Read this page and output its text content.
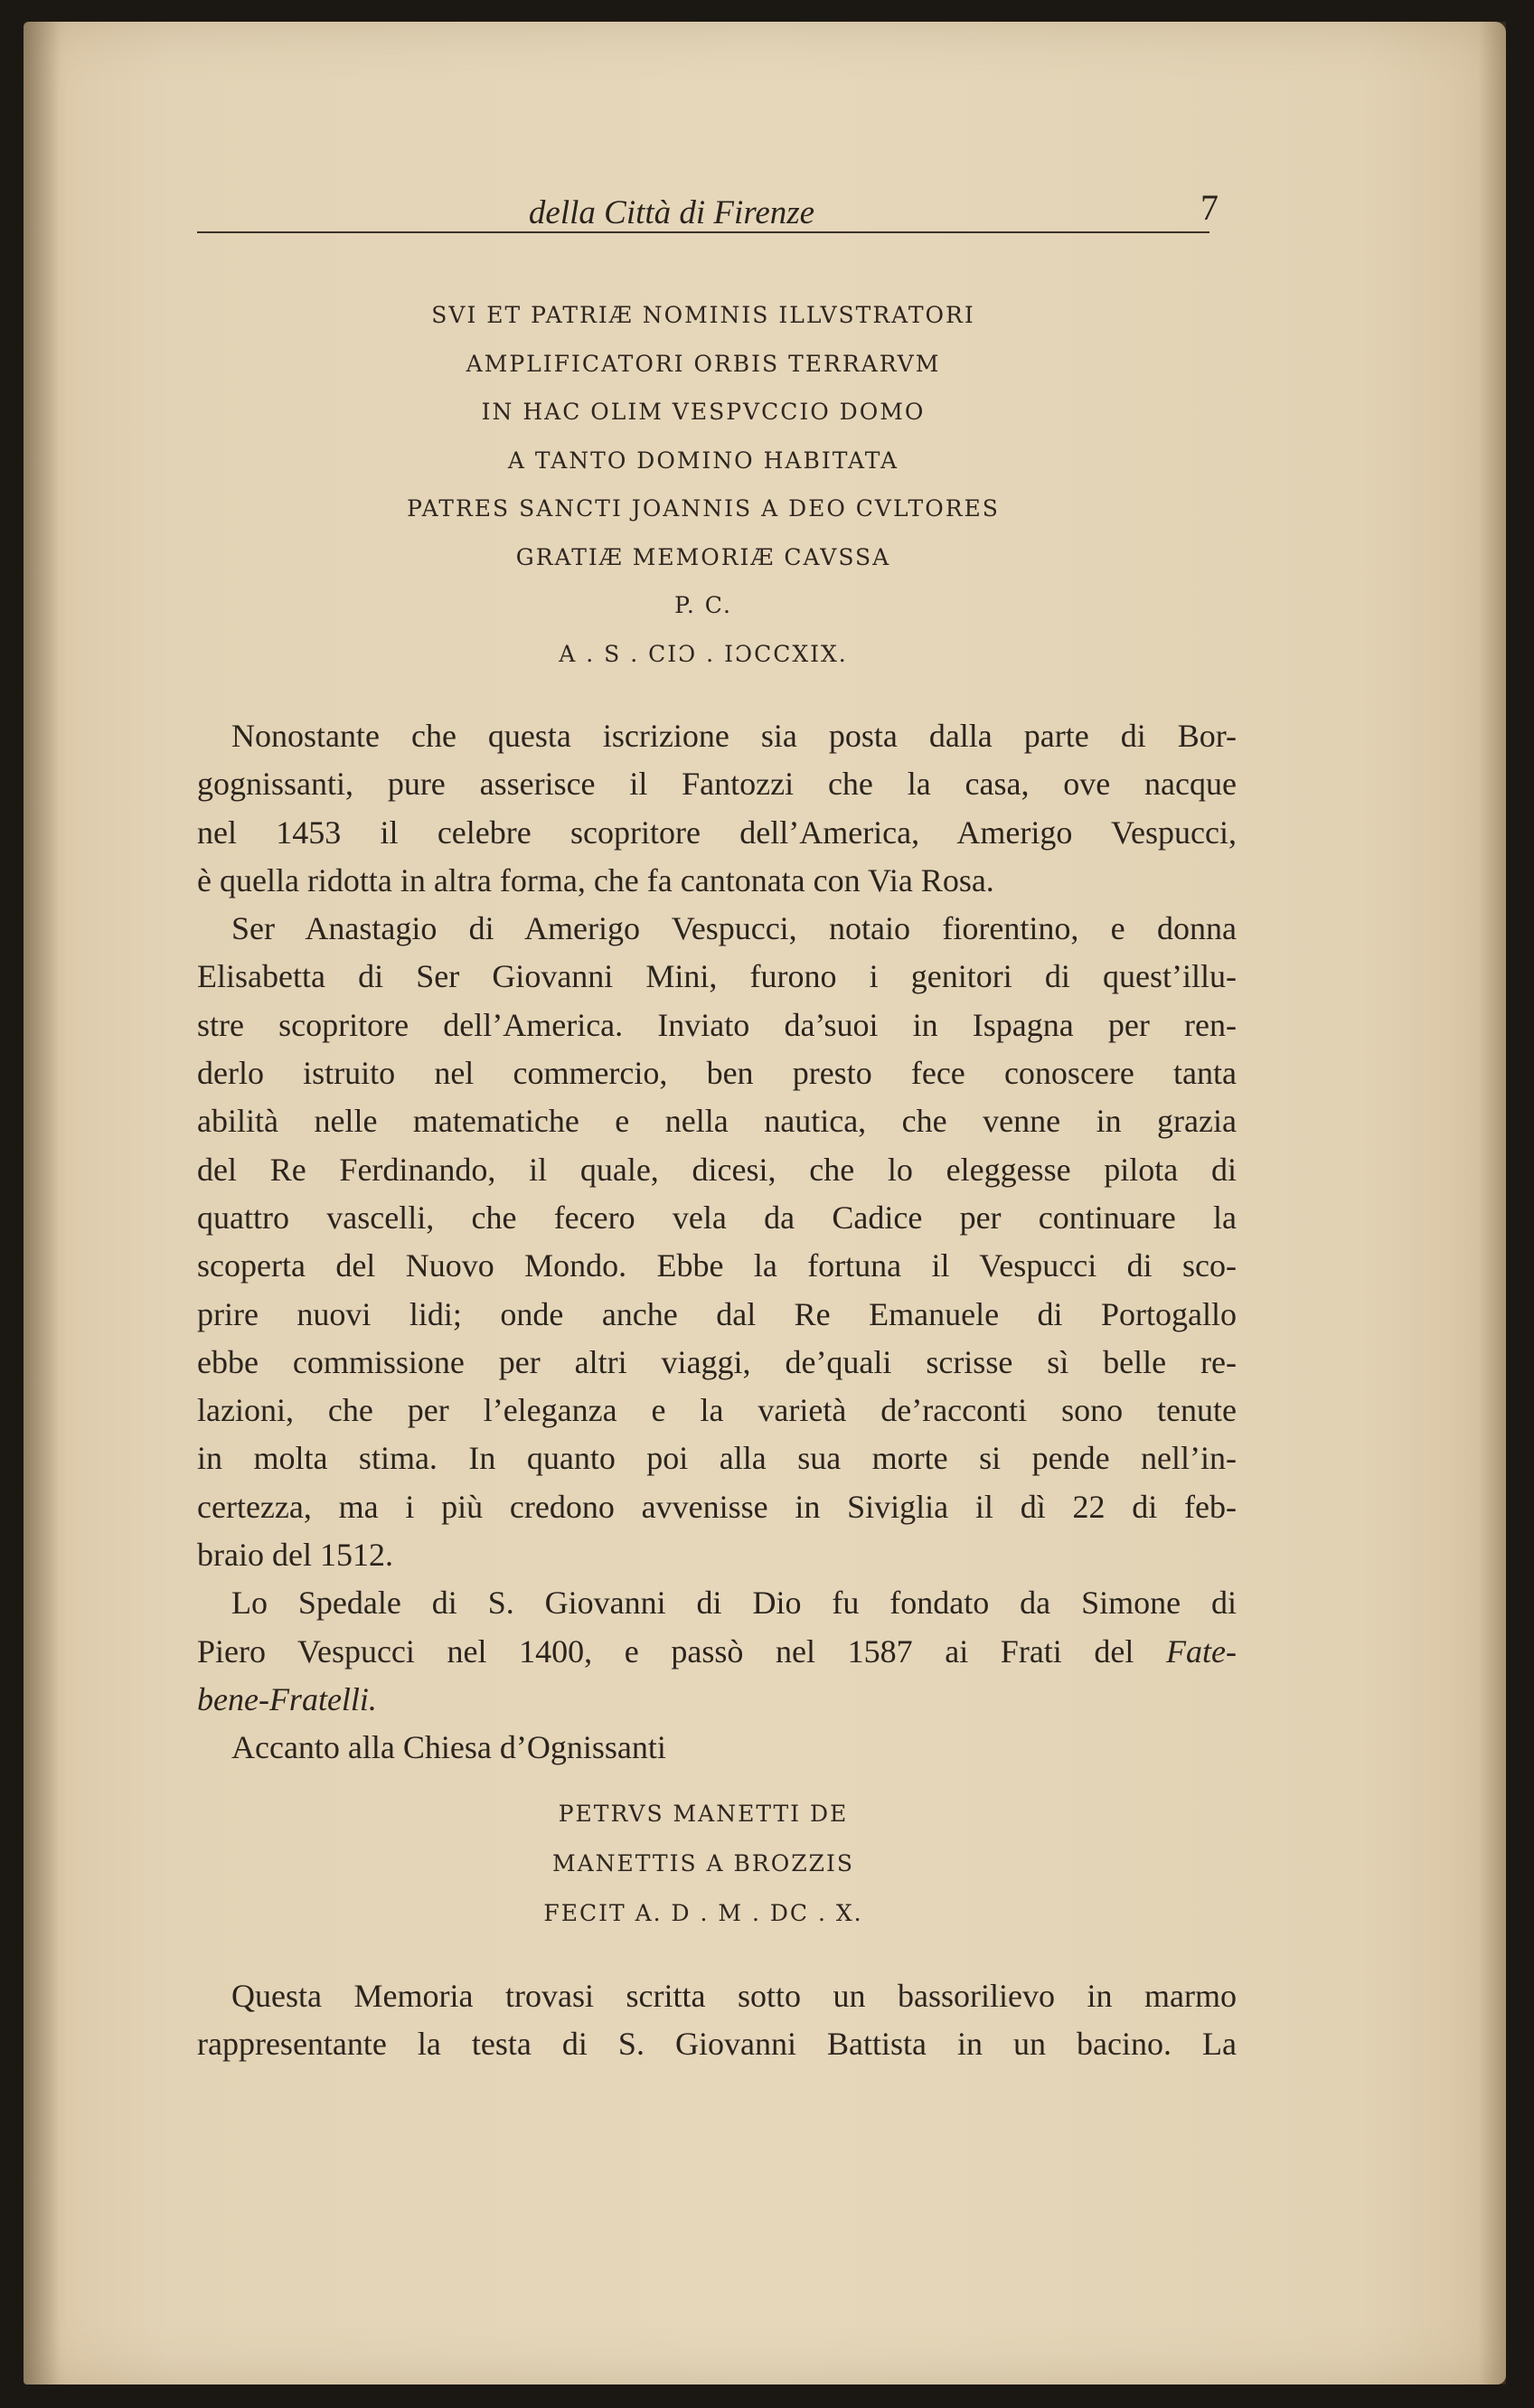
della Città di Firenze	7
SVI ET PATRIÆ NOMINIS ILLVSTRATORI
AMPLIFICATORI ORBIS TERRARVM
IN HAC OLIM VESPVCCIO DOMO
A TANTO DOMINO HABITATA
PATRES SANCTI JOANNIS A DEO CVLTORES
GRATIÆ MEMORIÆ CAVSSA
P. C.
A . S . CIƆ . IƆCCXIX.
Nonostante che questa iscrizione sia posta dalla parte di Bor-
gognissanti, pure asserisce il Fantozzi che la casa, ove nacque
nel 1453 il celebre scopritore dell’America, Amerigo Vespucci,
è quella ridotta in altra forma, che fa cantonata con Via Rosa.
Ser Anastagio di Amerigo Vespucci, notaio fiorentino, e donna
Elisabetta di Ser Giovanni Mini, furono i genitori di quest’illu-
stre scopritore dell’America. Inviato da’suoi in Ispagna per ren-
derlo istruito nel commercio, ben presto fece conoscere tanta
abilità nelle matematiche e nella nautica, che venne in grazia
del Re Ferdinando, il quale, dicesi, che lo eleggesse pilota di
quattro vascelli, che fecero vela da Cadice per continuare la
scoperta del Nuovo Mondo. Ebbe la fortuna il Vespucci di sco-
prire nuovi lidi; onde anche dal Re Emanuele di Portogallo
ebbe commissione per altri viaggi, de’quali scrisse sì belle re-
lazioni, che per l’eleganza e la varietà de’racconti sono tenute
in molta stima. In quanto poi alla sua morte si pende nell’in-
certezza, ma i più credono avvenisse in Siviglia il dì 22 di feb-
braio del 1512.
Lo Spedale di S. Giovanni di Dio fu fondato da Simone di
Piero Vespucci nel 1400, e passò nel 1587 ai Frati del Fate-
bene-Fratelli.
Accanto alla Chiesa d’Ognissanti
PETRVS MANETTI DE
MANETTIS A BROZZIS
FECIT A. D . M . DC . X.
Questa Memoria trovasi scritta sotto un bassorilievo in marmo
rappresentante la testa di S. Giovanni Battista in un bacino. La
